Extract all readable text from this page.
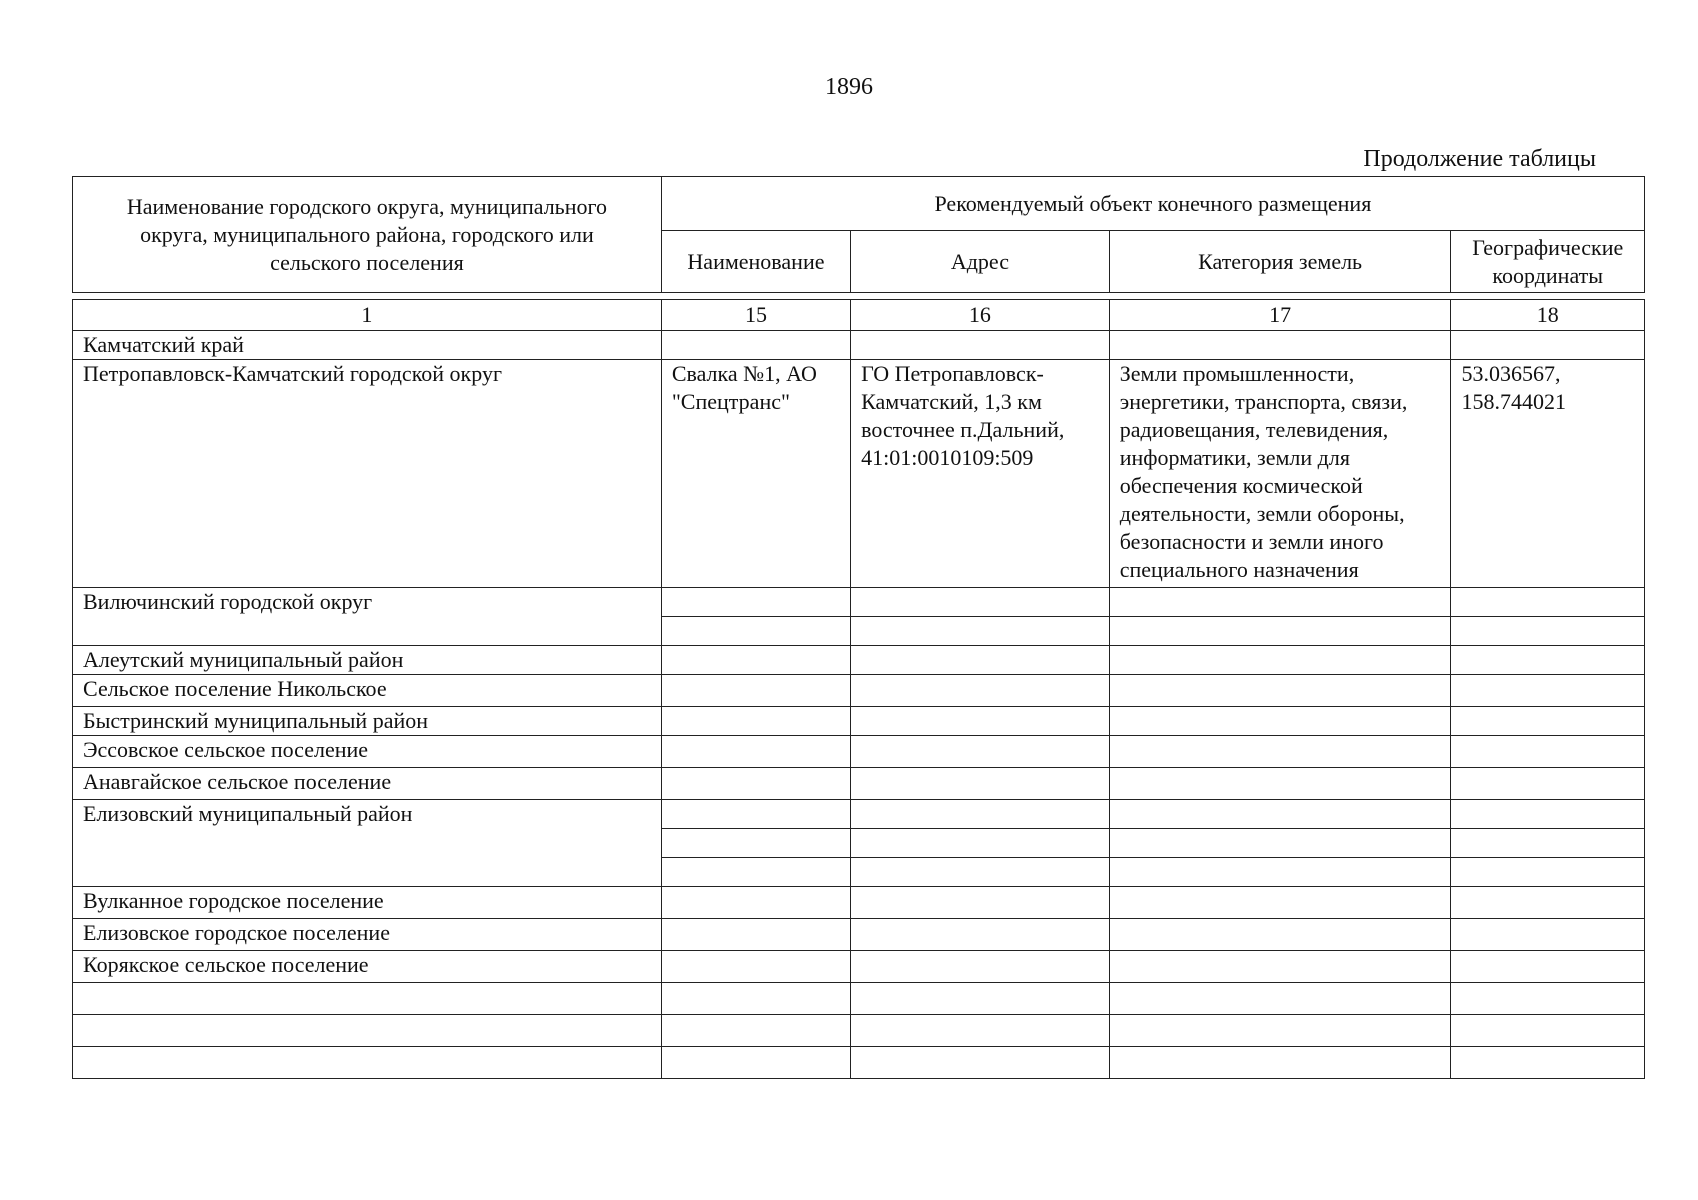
1896
Продолжение таблицы
Наименование городского округа, муниципального округа, муниципального района, городского или сельского поселения	Рекомендуемый объект конечного размещения			
	Наименование	Адрес	Категория земель	Географические координаты

1	15	16	17	18
Камчатский край				
Петропавловск-Камчатский городской округ	Свалка №1, АО "Спецтранс"	ГО Петропавловск-Камчатский, 1,3 км восточнее п.Дальний, 41:01:0010109:509	Земли промышленности, энергетики, транспорта, связи, радиовещания, телевидения, информатики, земли для обеспечения космической деятельности, земли обороны, безопасности и земли иного специального назначения	53.036567, 158.744021
Вилючинский городской округ				

Алеутский муниципальный район				
Сельское поселение Никольское				
Быстринский муниципальный район				
Эссовское сельское поселение				
Анавгайское сельское поселение				
Елизовский муниципальный район				

Вулканное городское поселение				
Елизовское городское поселение				
Корякское сельское поселение				
